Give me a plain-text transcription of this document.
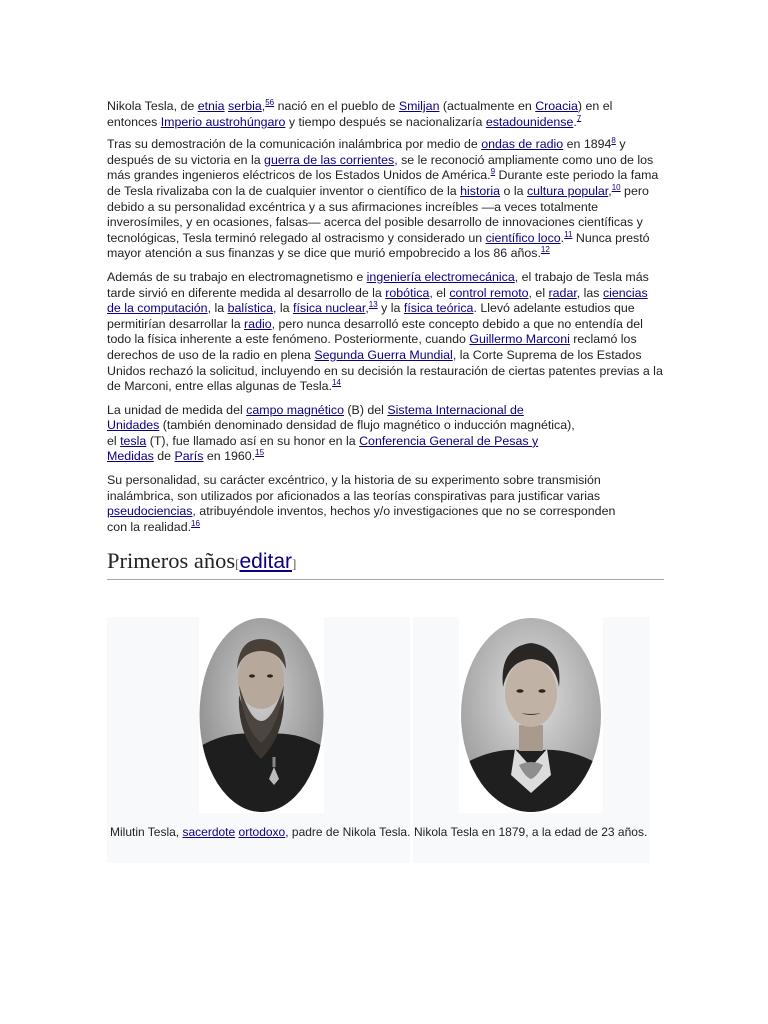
Nikola Tesla, de etnia serbia,$^{56}$ nació en el pueblo de Smiljan (actualmente en Croacia) en el entonces Imperio austrohúngaro y tiempo después se nacionalizaría estadounidense.$^7$

Tras su demostración de la comunicación inalámbrica por medio de ondas de radio en 1894$^8$ y después de su victoria en la guerra de las corrientes, se le reconoció ampliamente como uno de los más grandes ingenieros eléctricos de los Estados Unidos de América.$^9$ Durante este periodo la fama de Tesla rivalizaba con la de cualquier inventor o científico de la historia o la cultura popular,$^{10}$ pero debido a su personalidad excéntrica y a sus afirmaciones increíbles —a veces totalmente inverosímiles, y en ocasiones, falsas— acerca del posible desarrollo de innovaciones científicas y tecnológicas, Tesla terminó relegado al ostracismo y considerado un científico loco.$^{11}$ Nunca prestó mayor atención a sus finanzas y se dice que murió empobrecido a los 86 años.$^{12}$

Además de su trabajo en electromagnetismo e ingeniería electromecánica, el trabajo de Tesla más tarde sirvió en diferente medida al desarrollo de la robótica, el control remoto, el radar, las ciencias de la computación, la balística, la física nuclear,$^{13}$ y la física teórica. Llevó adelante estudios que permitirían desarrollar la radio, pero nunca desarrolló este concepto debido a que no entendía del todo la física inherente a este fenómeno. Posteriormente, cuando Guillermo Marconi reclamó los derechos de uso de la radio en plena Segunda Guerra Mundial, la Corte Suprema de los Estados Unidos rechazó la solicitud, incluyendo en su decisión la restauración de ciertas patentes previas a la de Marconi, entre ellas algunas de Tesla.$^{14}$

La unidad de medida del campo magnético (B) del Sistema Internacional de Unidades (también denominado densidad de flujo magnético o inducción magnética), el tesla (T), fue llamado así en su honor en la Conferencia General de Pesas y Medidas de París en 1960.15

Su personalidad, su carácter excéntrico, y la historia de su experimento sobre transmisión inalámbrica, son utilizados por aficionados a las teorías conspirativas para justificar varias pseudociencias, atribuyéndole inventos, hechos y/o investigaciones que no se corresponden con la realidad.$^{16}$

Primeros años[editar]
Milutin Tesla, sacerdote ortodoxo, padre de Nikola Tesla. Nikola Tesla en 1879, a la edad de 23 años.
